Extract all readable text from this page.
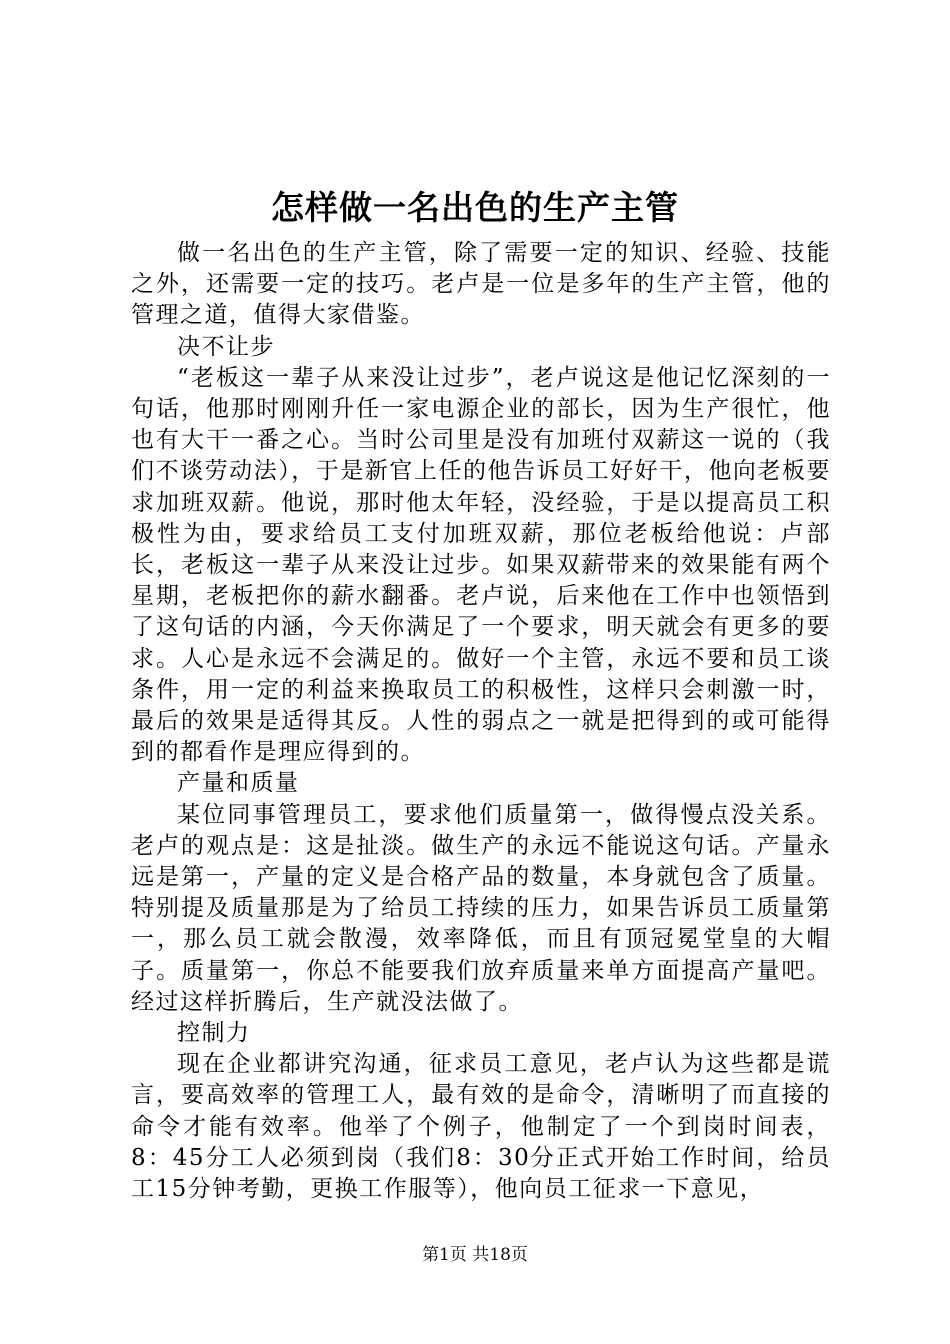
怎样做一名出色的生产主管

做一名出色的生产主管，除了需要一定的知识、经验、技能之外，还需要一定的技巧。老卢是一位是多年的生产主管，他的管理之道，值得大家借鉴。

决不让步

“老板这一辈子从来没让过步”，老卢说这是他记忆深刻的一句话，他那时刚刚升任一家电源企业的部长，因为生产很忙，他也有大干一番之心。当时公司里是没有加班付双薪这一说的（我们不谈劳动法），于是新官上任的他告诉员工好好干，他向老板要求加班双薪。他说，那时他太年轻，没经验，于是以提高员工积极性为由，要求给员工支付加班双薪，那位老板给他说：卢部长，老板这一辈子从来没让过步。如果双薪带来的效果能有两个星期，老板把你的薪水翻番。老卢说，后来他在工作中也领悟到了这句话的内涵，今天你满足了一个要求，明天就会有更多的要求。人心是永远不会满足的。做好一个主管，永远不要和员工谈条件，用一定的利益来换取员工的积极性，这样只会刺激一时，最后的效果是适得其反。人性的弱点之一就是把得到的或可能得到的都看作是理应得到的。

产量和质量

某位同事管理员工，要求他们质量第一，做得慢点没关系。老卢的观点是：这是扯淡。做生产的永远不能说这句话。产量永远是第一，产量的定义是合格产品的数量，本身就包含了质量。特别提及质量那是为了给员工持续的压力，如果告诉员工质量第一，那么员工就会散漫，效率降低，而且有顶冠冕堂皇的大帽子。质量第一，你总不能要我们放弃质量来单方面提高产量吧。经过这样折腾后，生产就没法做了。

控制力

现在企业都讲究沟通，征求员工意见，老卢认为这些都是谎言，要高效率的管理工人，最有效的是命令，清晰明了而直接的命令才能有效率。他举了个例子，他制定了一个到岗时间表，8：45分工人必须到岗（我们8：30分正式开始工作时间，给员工15分钟考勤，更换工作服等），他向员工征求一下意见，

第1页 共18页
